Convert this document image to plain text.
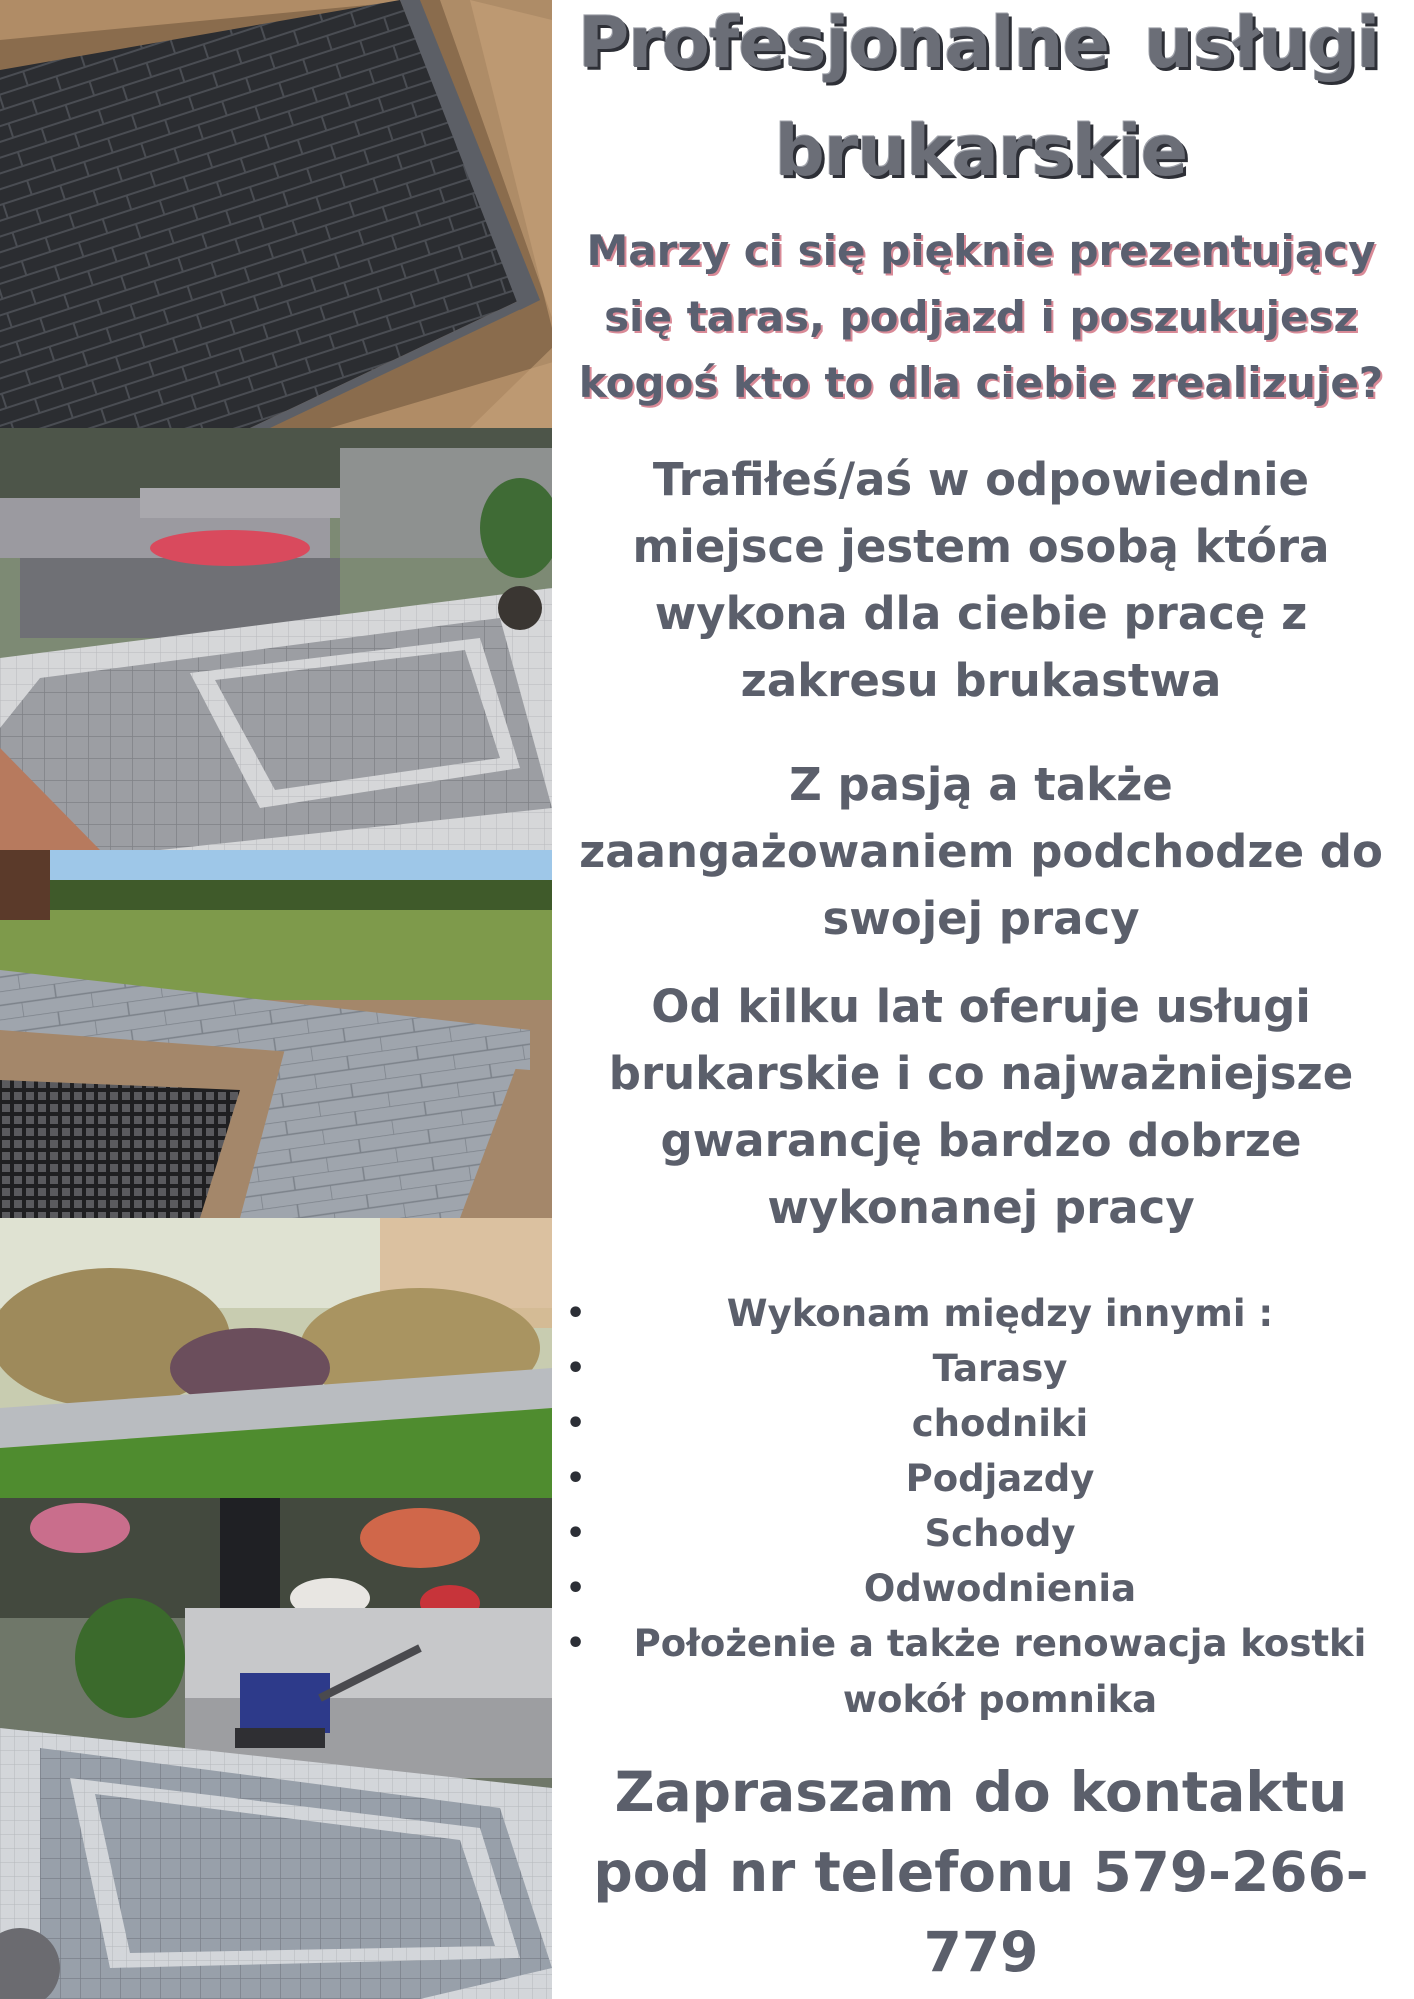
Profesjonalne usługi
brukarskie
Marzy ci się pięknie prezentujący
się taras, podjazd i poszukujesz
kogoś kto to dla ciebie zrealizuje?
Trafiłeś/aś w odpowiednie
miejsce jestem osobą która
wykona dla ciebie pracę z
zakresu brukastwa
Z pasją a także
zaangażowaniem podchodze do
swojej pracy
Od kilku lat oferuje usługi
brukarskie i co najważniejsze
gwarancję bardzo dobrze
wykonanej pracy
• Wykonam między innymi :
• Tarasy
• chodniki
• Podjazdy
• Schody
• Odwodnienia
• Położenie a także renowacja kostki
wokół pomnika
Zapraszam do kontaktu
pod nr telefonu 579-266-
779
